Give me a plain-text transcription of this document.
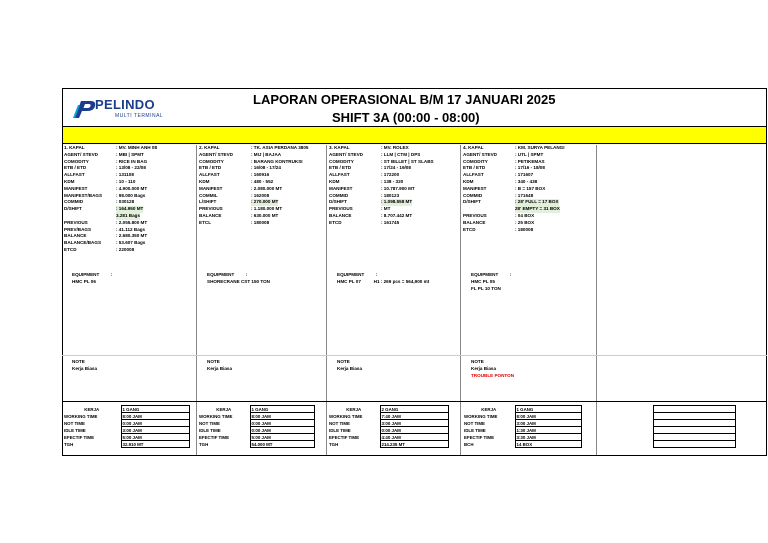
PELINDO
MULTI TERMINAL
LAPORAN OPERASIONAL B/M 17 JANUARI 2025
SHIFT 3A (00:00 - 08:00)
1. KAPAL	: MV. MINH ANH 08
AGENT/ STEVD	: MBI | SPMT
COMODITY	: RICE IN BAG
ETB / ETD	: 13/08 - 22/08
ALLFAST	: 131108
KDM	: 10 - 110
MANIFEST	: 4.900.000 MT
MANIFEST/BAGS	: 98.000 Bags
COMMID	: 030128
D/SHIFT	: 164.950 MT
3.281 Bags
PREVIOUS	: 2.055.800 MT
PREV/BAGS	: 41.112 Bags
BALANCE	: 2.680.350 MT
BALANCE/BAGS	: 53.607 Bags
ETCD	: 220008
EQUIPMENT         :
HMC PL 06
NOTE
Kerja Biasa
2. KAPAL	: TK. ASIA PERDANA 3805
AGENT/ STEVD	: MIJ | BAJAA
COMODITY	: BARANG KONTRUKSI
ETB / ETD	: 16/08 - 17/24
ALLFAST	: 160916
KDM	: 480 - 552
MANIFEST	: 2.080.000 MT
COMMIL	: 162008
L/SHIFT	: 270.000 MT
PREVIOUS	: 1.180.000 MT
BALANCE	: 630.000 MT
ETCL	: 180008
EQUIPMENT         :
SHORECRANE CST 150 TON
NOTE
Kerja Biasa
3. KAPAL	: MV. ROLEX
AGENT/ STEVD	: LLM | CTM | DPS
COMODITY	: ST BILLET | ST SLABS
ETB / ETD	: 17/24 - 19/08
ALLFAST	: 172200
KDM	: 138 - 320
MANIFEST	: 10.787.900 MT
COMMID	: 180123
D/SHIFT	: 1.098.558 MT
PREVIOUS	: MT
BALANCE	: 8.707.442 MT
ETCD	: 161745
EQUIPMENT         :
HMC PL 07          H1 : 269 pcs = 564,900 mt
NOTE
Kerja Biasa
4. KAPAL	: KM. SURYA PELANGI
AGENT/ STEVD	: UTL | SPMT
COMODITY	: PETIKEMAS
ETB / ETD	: 17/16 - 18/08
ALLFAST	: 171607
KDM	: 340 - 438
MANIFEST	: B = 157 BOX
COMMID	: 171648
D/SHIFT	: 28' FULL = 17 BOX
28' EMPTY = 31 BOX
PREVIOUS	: 04 BOX
BALANCE	: 25 BOX
ETCD	: 180008
EQUIPMENT         :
HMC PL 05
FL PL 10 TON
NOTE
Kerja Biasa
TROUBLE PONTON
KERJA	1 GANG
WORKING TIME	8:00 JAM
NOT TIME	0:00 JAM
IDLE TIME	3:00 JAM
EFECTIF TIME	5:00 JAM
TGH	32.910 MT
KERJA	1 GANG
WORKING TIME	8:00 JAM
NOT TIME	0:00 JAM
IDLE TIME	0:00 JAM
EFECTIF TIME	5:00 JAM
TGH	54.000 MT
KERJA	2 GANG
WORKING TIME	7:40 JAM
NOT TIME	3:00 JAM
IDLE TIME	0:00 JAM
EFECTIF TIME	4:40 JAM
TGH	214.235 MT
KERJA	1 GANG
WORKING TIME	8:00 JAM
NOT TIME	3:00 JAM
IDLE TIME	1:30 JAM
EFECTIF TIME	3:30 JAM
BCH	14 BOX
